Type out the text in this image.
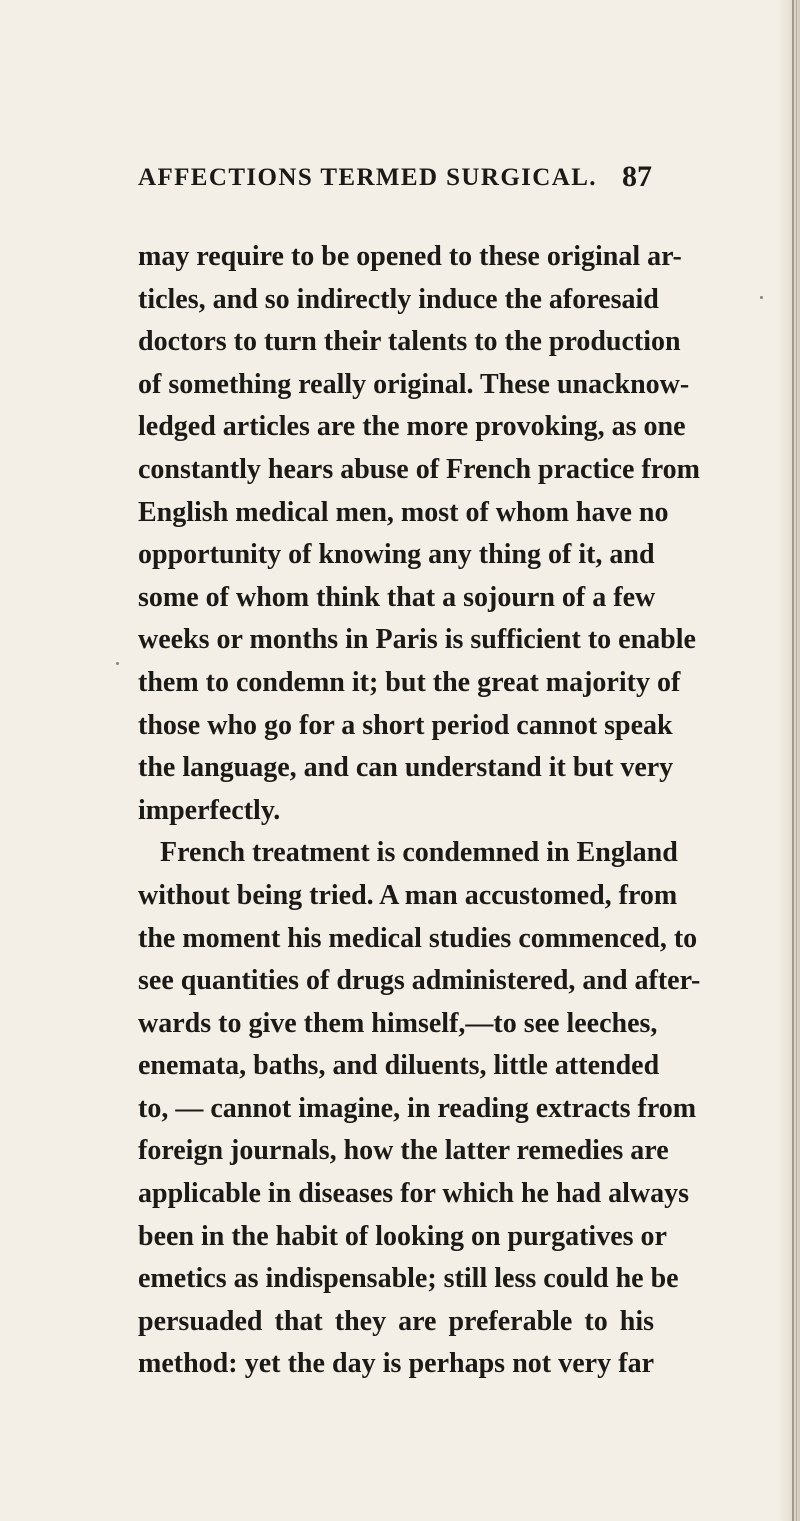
AFFECTIONS TERMED SURGICAL. 87
may require to be opened to these original ar-
ticles, and so indirectly induce the aforesaid
doctors to turn their talents to the production
of something really original. These unacknow-
ledged articles are the more provoking, as one
constantly hears abuse of French practice from
English medical men, most of whom have no
opportunity of knowing any thing of it, and
some of whom think that a sojourn of a few
weeks or months in Paris is sufficient to enable
them to condemn it; but the great majority of
those who go for a short period cannot speak
the language, and can understand it but very
imperfectly.
French treatment is condemned in England
without being tried. A man accustomed, from
the moment his medical studies commenced, to
see quantities of drugs administered, and after-
wards to give them himself,—to see leeches,
enemata, baths, and diluents, little attended
to, — cannot imagine, in reading extracts from
foreign journals, how the latter remedies are
applicable in diseases for which he had always
been in the habit of looking on purgatives or
emetics as indispensable; still less could he be
persuaded that they are preferable to his
method: yet the day is perhaps not very far
